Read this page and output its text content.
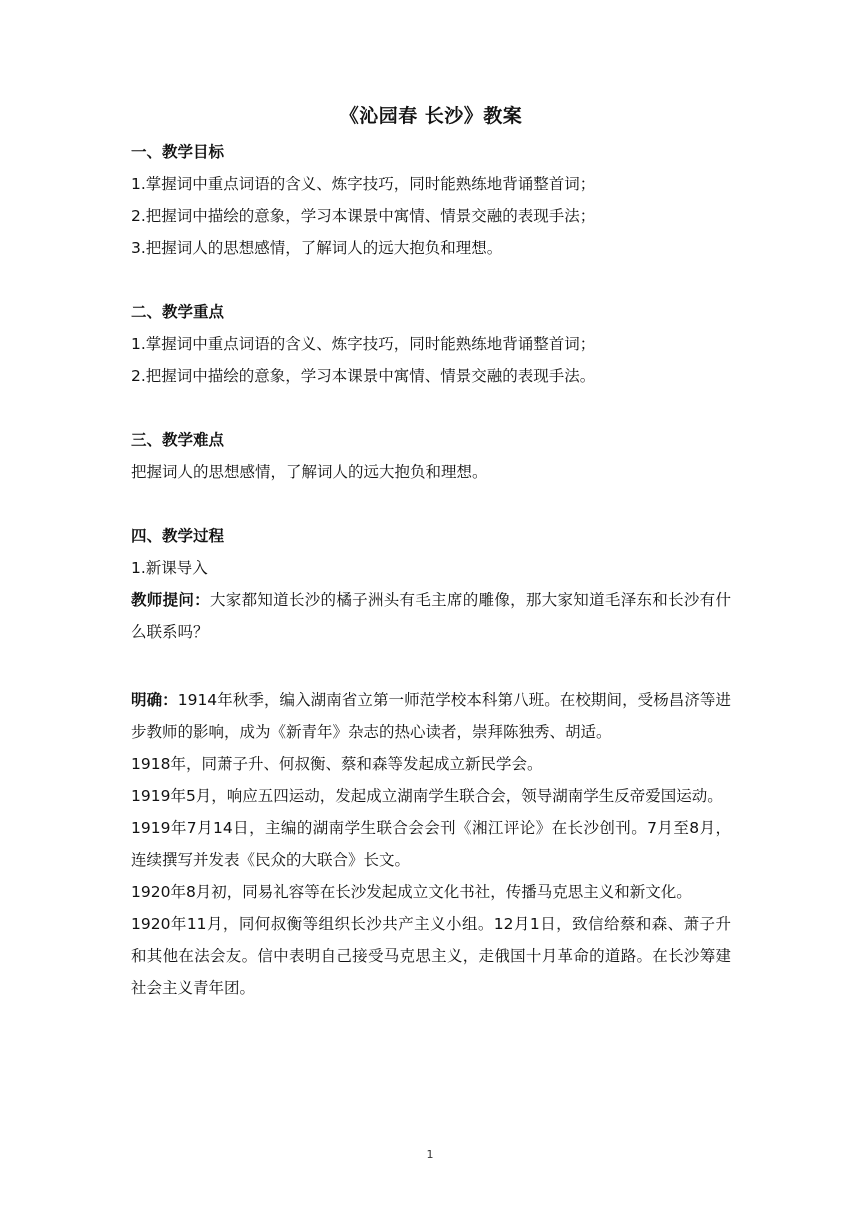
《沁园春 长沙》教案

一、教学目标

1.掌握词中重点词语的含义、炼字技巧，同时能熟练地背诵整首词；

2.把握词中描绘的意象，学习本课景中寓情、情景交融的表现手法；

3.把握词人的思想感情，了解词人的远大抱负和理想。

二、教学重点

1.掌握词中重点词语的含义、炼字技巧，同时能熟练地背诵整首词；

2.把握词中描绘的意象，学习本课景中寓情、情景交融的表现手法。

三、教学难点

把握词人的思想感情，了解词人的远大抱负和理想。

四、教学过程

1.新课导入

教师提问：大家都知道长沙的橘子洲头有毛主席的雕像，那大家知道毛泽东和长沙有什么联系吗？

明确：1914年秋季，编入湖南省立第一师范学校本科第八班。在校期间，受杨昌济等进步教师的影响，成为《新青年》杂志的热心读者，崇拜陈独秀、胡适。

1918年，同萧子升、何叔衡、蔡和森等发起成立新民学会。

1919年5月，响应五四运动，发起成立湖南学生联合会，领导湖南学生反帝爱国运动。

1919年7月14日，主编的湖南学生联合会会刊《湘江评论》在长沙创刊。7月至8月，连续撰写并发表《民众的大联合》长文。

1920年8月初，同易礼容等在长沙发起成立文化书社，传播马克思主义和新文化。

1920年11月，同何叔衡等组织长沙共产主义小组。12月1日，致信给蔡和森、萧子升和其他在法会友。信中表明自己接受马克思主义，走俄国十月革命的道路。在长沙筹建社会主义青年团。

1
